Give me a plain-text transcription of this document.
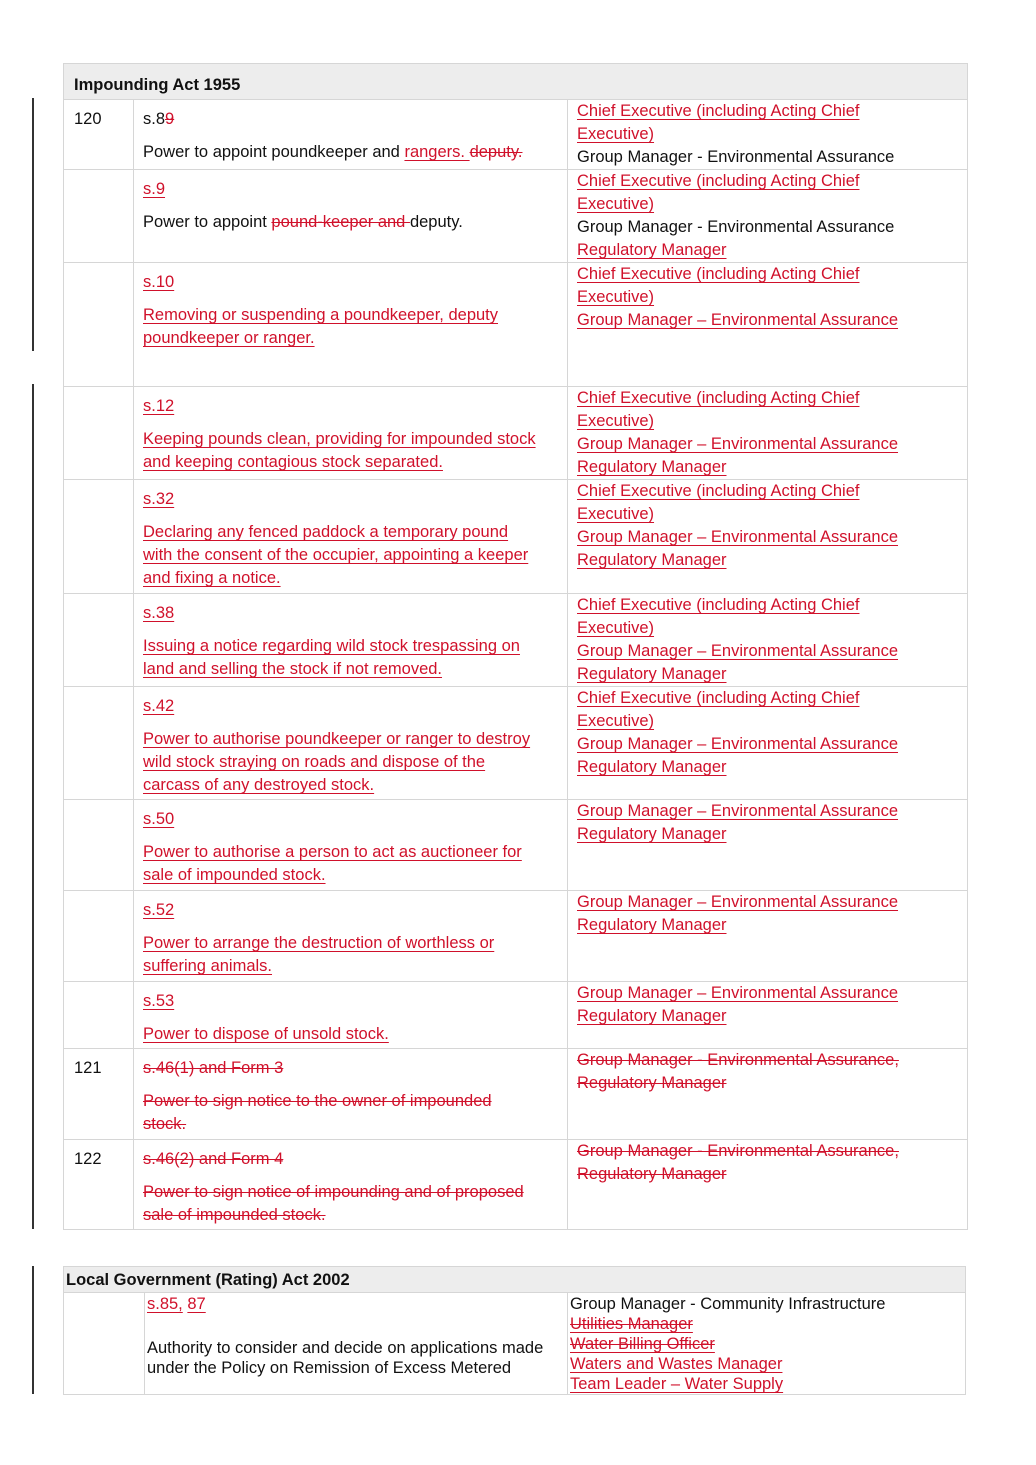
Impounding Act 1955		
120	s.89
Power to appoint poundkeeper and rangers. deputy.	Chief Executive (including Acting Chief
Executive)
Group Manager - Environmental Assurance

	s.9
Power to appoint pound-keeper and deputy.	Chief Executive (including Acting Chief
Executive)
Group Manager - Environmental Assurance
Regulatory Manager

	s.10
Removing or suspending a poundkeeper, deputy
poundkeeper or ranger.	Chief Executive (including Acting Chief
Executive)
Group Manager – Environmental Assurance

	s.12
Keeping pounds clean, providing for impounded stock
and keeping contagious stock separated.	Chief Executive (including Acting Chief
Executive)
Group Manager – Environmental Assurance
Regulatory Manager

	s.32
Declaring any fenced paddock a temporary pound
with the consent of the occupier, appointing a keeper
and fixing a notice.	Chief Executive (including Acting Chief
Executive)
Group Manager – Environmental Assurance
Regulatory Manager

	s.38
Issuing a notice regarding wild stock trespassing on
land and selling the stock if not removed.	Chief Executive (including Acting Chief
Executive)
Group Manager – Environmental Assurance
Regulatory Manager

	s.42
Power to authorise poundkeeper or ranger to destroy
wild stock straying on roads and dispose of the
carcass of any destroyed stock.	Chief Executive (including Acting Chief
Executive)
Group Manager – Environmental Assurance
Regulatory Manager

	s.50
Power to authorise a person to act as auctioneer for
sale of impounded stock.	Group Manager – Environmental Assurance
Regulatory Manager

	s.52
Power to arrange the destruction of worthless or
suffering animals.	Group Manager – Environmental Assurance
Regulatory Manager

	s.53
Power to dispose of unsold stock.	Group Manager – Environmental Assurance
Regulatory Manager

121	s.46(1) and Form 3
Power to sign notice to the owner of impounded
stock.	Group Manager - Environmental Assurance,
Regulatory Manager

122	s.46(2) and Form 4
Power to sign notice of impounding and of proposed
sale of impounded stock.	Group Manager - Environmental Assurance,
Regulatory Manager
Local Government (Rating) Act 2002

s.85, 87
Authority to consider and decide on applications made
under the Policy on Remission of Excess Metered

Group Manager - Community Infrastructure
Utilities Manager
Water Billing Officer
Waters and Wastes Manager
Team Leader – Water Supply
